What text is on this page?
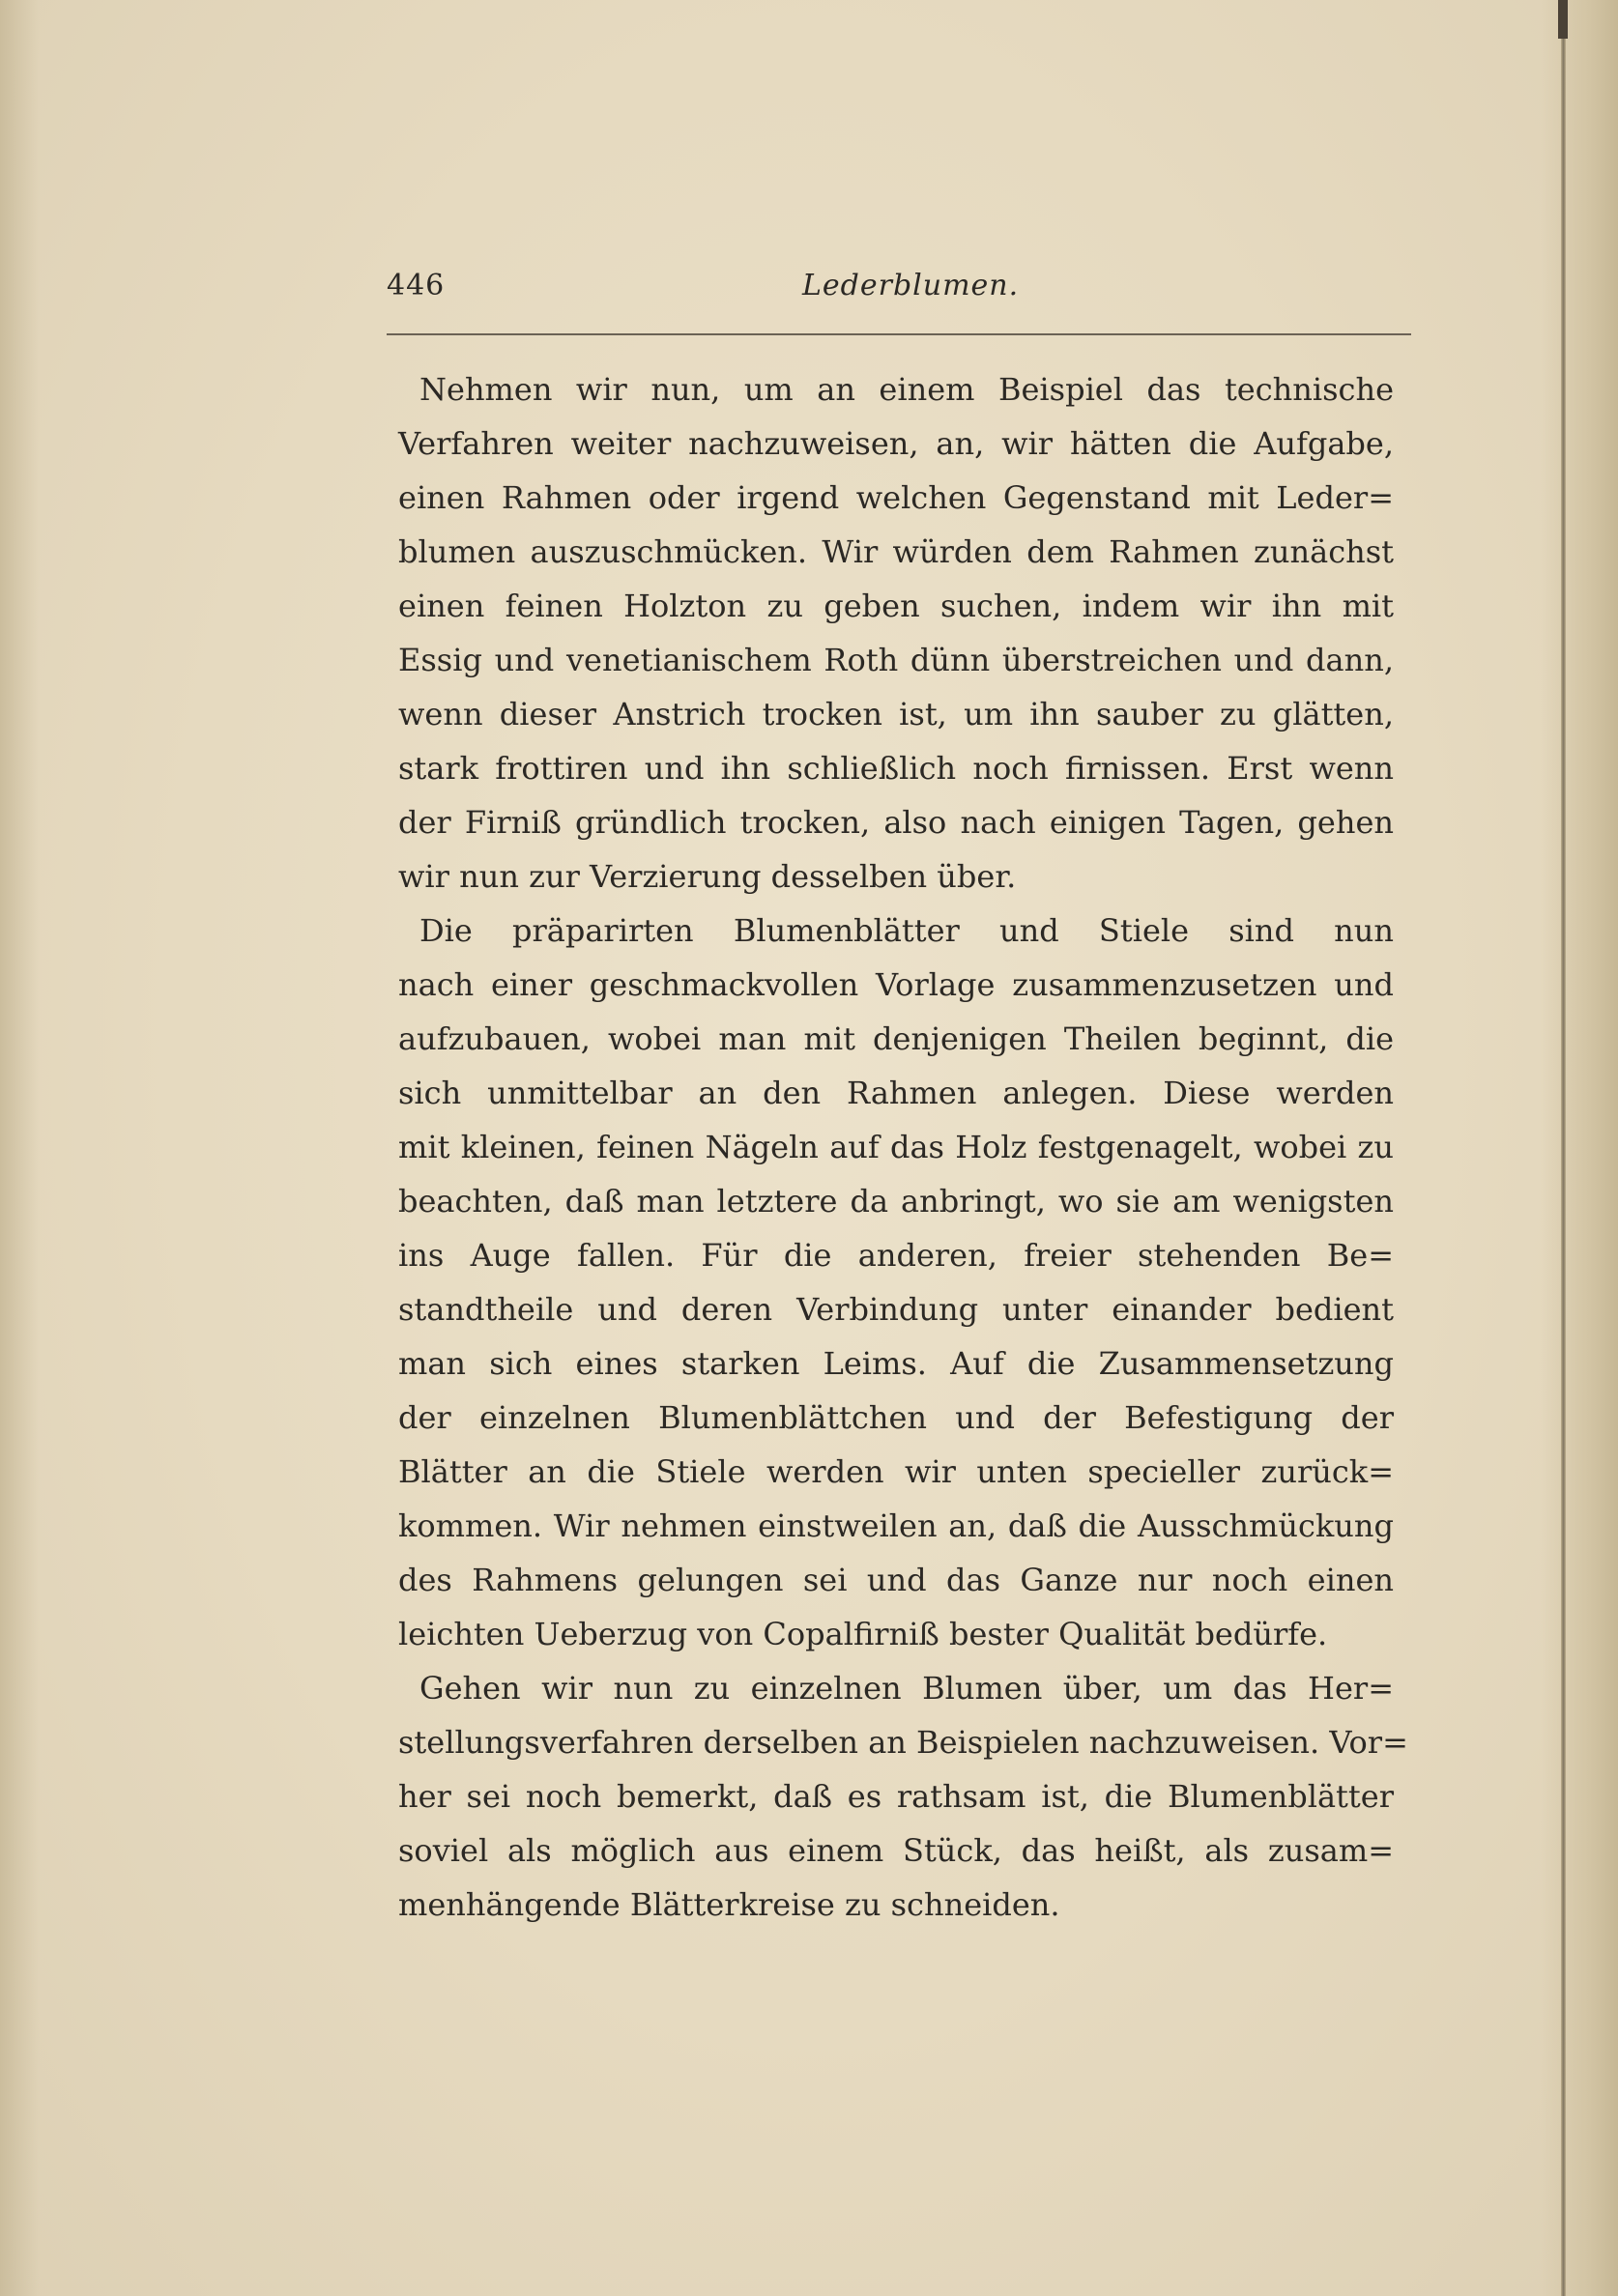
446	Lederblumen.
Nehmen wir nun, um an einem Beispiel das technische
Verfahren weiter nachzuweisen, an, wir hätten die Aufgabe,
einen Rahmen oder irgend welchen Gegenstand mit Leder=
blumen auszuschmücken. Wir würden dem Rahmen zunächst
einen feinen Holzton zu geben suchen, indem wir ihn mit
Essig und venetianischem Roth dünn überstreichen und dann,
wenn dieser Anstrich trocken ist, um ihn sauber zu glätten,
stark frottiren und ihn schließlich noch firnissen. Erst wenn
der Firniß gründlich trocken, also nach einigen Tagen, gehen
wir nun zur Verzierung desselben über.
Die präparirten Blumenblätter und Stiele sind nun
nach einer geschmackvollen Vorlage zusammenzusetzen und
aufzubauen, wobei man mit denjenigen Theilen beginnt, die
sich unmittelbar an den Rahmen anlegen. Diese werden
mit kleinen, feinen Nägeln auf das Holz festgenagelt, wobei zu
beachten, daß man letztere da anbringt, wo sie am wenigsten
ins Auge fallen. Für die anderen, freier stehenden Be=
standtheile und deren Verbindung unter einander bedient
man sich eines starken Leims. Auf die Zusammensetzung
der einzelnen Blumenblättchen und der Befestigung der
Blätter an die Stiele werden wir unten specieller zurück=
kommen. Wir nehmen einstweilen an, daß die Ausschmückung
des Rahmens gelungen sei und das Ganze nur noch einen
leichten Ueberzug von Copalfirniß bester Qualität bedürfe.
Gehen wir nun zu einzelnen Blumen über, um das Her=
stellungsverfahren derselben an Beispielen nachzuweisen. Vor=
her sei noch bemerkt, daß es rathsam ist, die Blumenblätter
soviel als möglich aus einem Stück, das heißt, als zusam=
menhängende Blätterkreise zu schneiden.
